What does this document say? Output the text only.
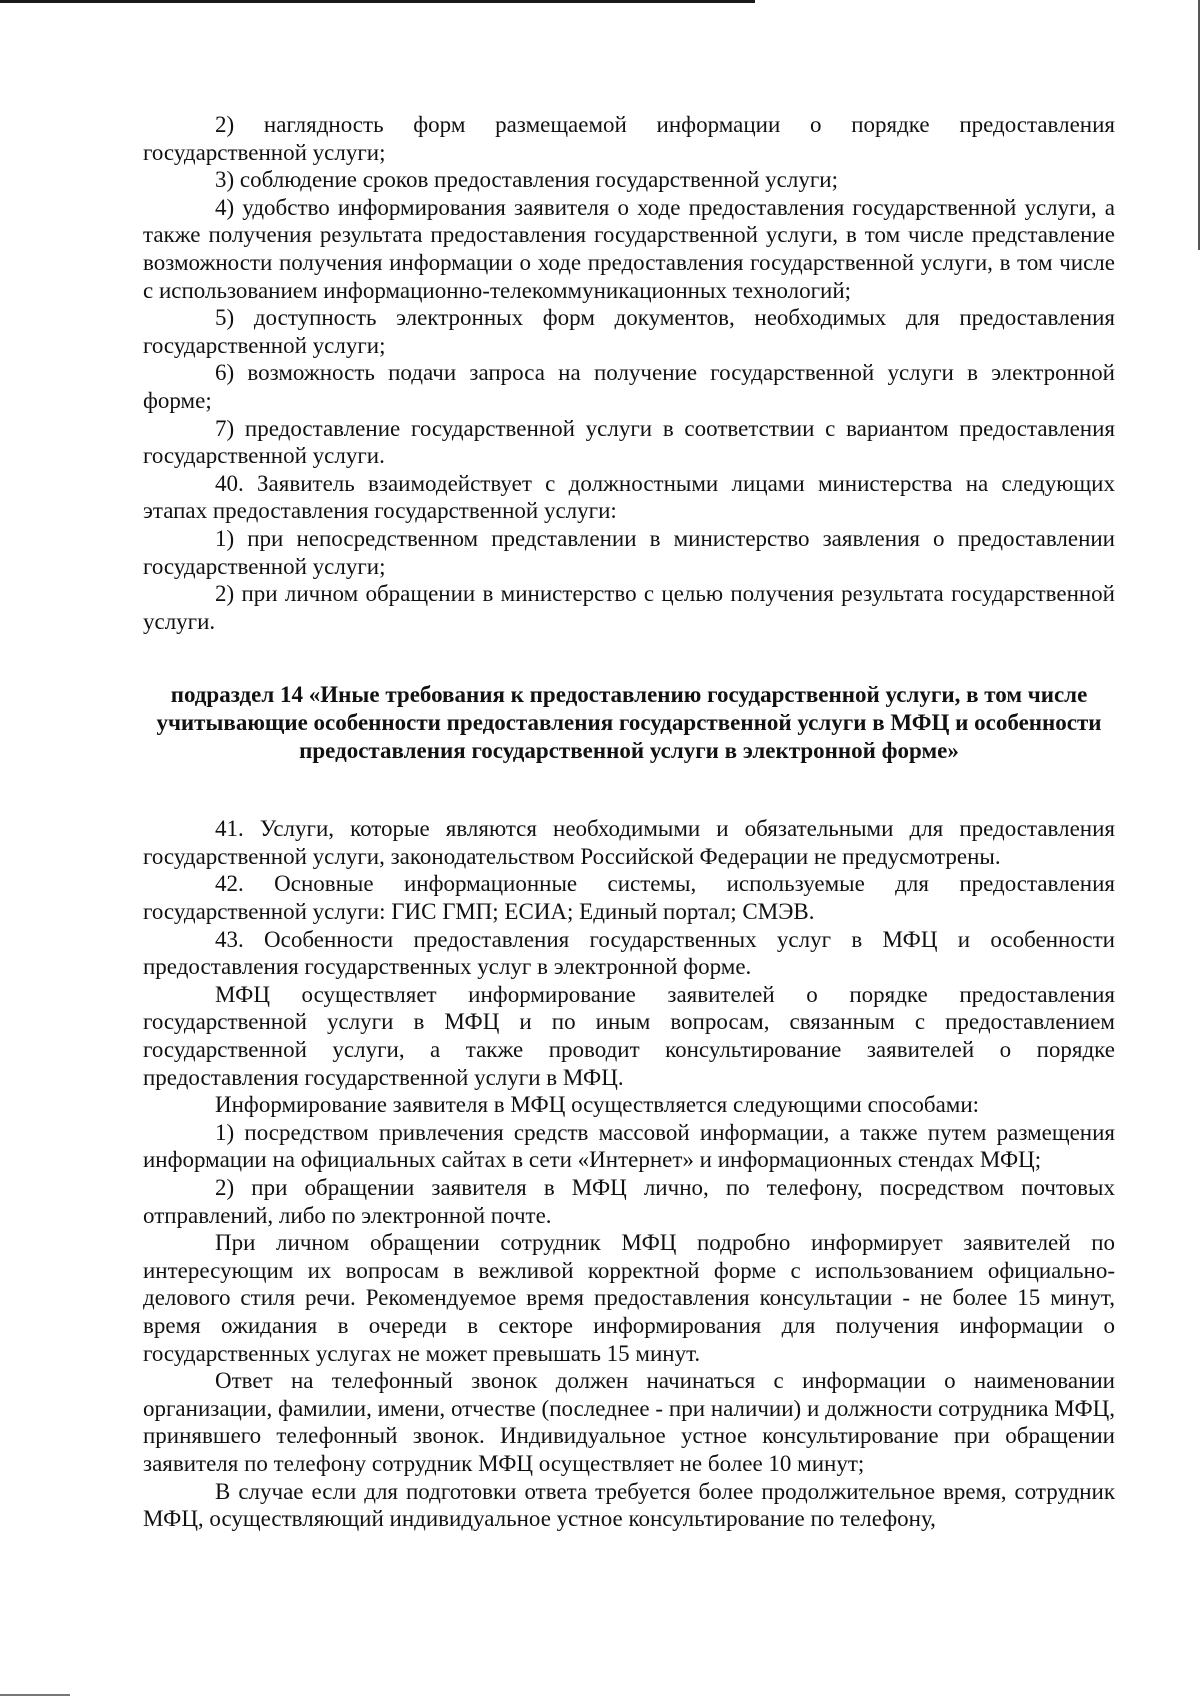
2) наглядность форм размещаемой информации о порядке предоставления государственной услуги;

3) соблюдение сроков предоставления государственной услуги;

4) удобство информирования заявителя о ходе предоставления государственной услуги, а также получения результата предоставления государственной услуги, в том числе представление возможности получения информации о ходе предоставления государственной услуги, в том числе с использованием информационно-телекоммуникационных технологий;

5) доступность электронных форм документов, необходимых для предоставления государственной услуги;

6) возможность подачи запроса на получение государственной услуги в электронной форме;

7) предоставление государственной услуги в соответствии с вариантом предоставления государственной услуги.

40. Заявитель взаимодействует с должностными лицами министерства на следующих этапах предоставления государственной услуги:

1) при непосредственном представлении в министерство заявления о предоставлении государственной услуги;

2) при личном обращении в министерство с целью получения результата государственной услуги.

подраздел 14 «Иные требования к предоставлению государственной услуги, в том числе учитывающие особенности предоставления государственной услуги в МФЦ и особенности предоставления государственной услуги в электронной форме»

41. Услуги, которые являются необходимыми и обязательными для предоставления государственной услуги, законодательством Российской Федерации не предусмотрены.

42. Основные информационные системы, используемые для предоставления государственной услуги: ГИС ГМП; ЕСИА; Единый портал; СМЭВ.

43. Особенности предоставления государственных услуг в МФЦ и особенности предоставления государственных услуг в электронной форме.

МФЦ осуществляет информирование заявителей о порядке предоставления государственной услуги в МФЦ и по иным вопросам, связанным с предоставлением государственной услуги, а также проводит консультирование заявителей о порядке предоставления государственной услуги в МФЦ.

Информирование заявителя в МФЦ осуществляется следующими способами:

1) посредством привлечения средств массовой информации, а также путем размещения информации на официальных сайтах в сети «Интернет» и информационных стендах МФЦ;

2) при обращении заявителя в МФЦ лично, по телефону, посредством почтовых отправлений, либо по электронной почте.

При личном обращении сотрудник МФЦ подробно информирует заявителей по интересующим их вопросам в вежливой корректной форме с использованием официально-делового стиля речи. Рекомендуемое время предоставления консультации - не более 15 минут, время ожидания в очереди в секторе информирования для получения информации о государственных услугах не может превышать 15 минут.

Ответ на телефонный звонок должен начинаться с информации о наименовании организации, фамилии, имени, отчестве (последнее - при наличии) и должности сотрудника МФЦ, принявшего телефонный звонок. Индивидуальное устное консультирование при обращении заявителя по телефону сотрудник МФЦ осуществляет не более 10 минут;

В случае если для подготовки ответа требуется более продолжительное время, сотрудник МФЦ, осуществляющий индивидуальное устное консультирование по телефону,
